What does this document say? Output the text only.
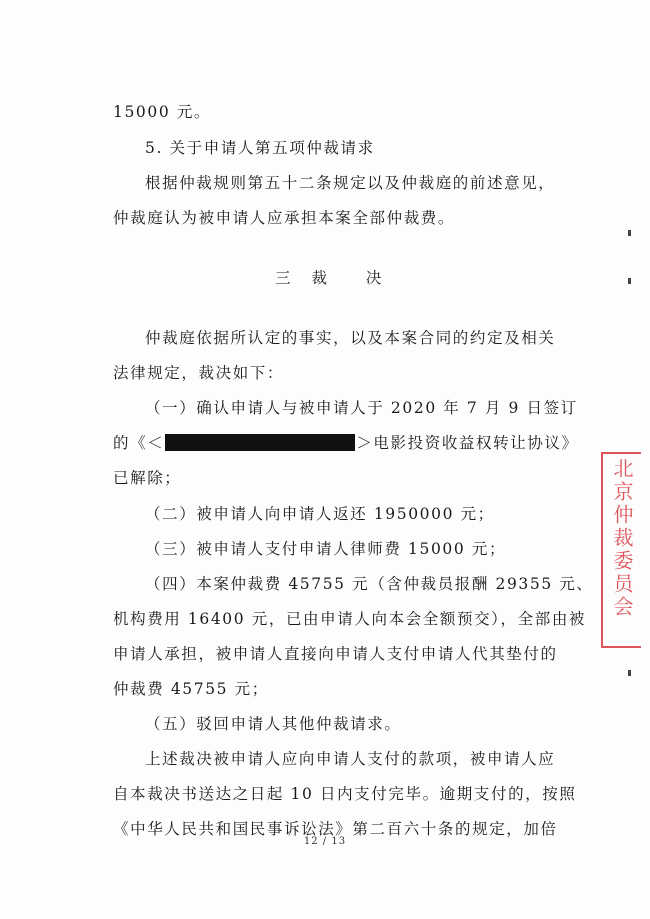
15000 元。
5. 关于申请人第五项仲裁请求
根据仲裁规则第五十二条规定以及仲裁庭的前述意见，
仲裁庭认为被申请人应承担本案全部仲裁费。
三 裁 决
仲裁庭依据所认定的事实，以及本案合同的约定及相关
法律规定，裁决如下：
（一）确认申请人与被申请人于 2020 年 7 月 9 日签订
的《＜	＞电影投资收益权转让协议》
已解除；
（二）被申请人向申请人返还 1950000 元；
（三）被申请人支付申请人律师费 15000 元；
（四）本案仲裁费 45755 元（含仲裁员报酬 29355 元、
机构费用 16400 元，已由申请人向本会全额预交），全部由被
申请人承担，被申请人直接向申请人支付申请人代其垫付的
仲裁费 45755 元；
（五）驳回申请人其他仲裁请求。
上述裁决被申请人应向申请人支付的款项，被申请人应
自本裁决书送达之日起 10 日内支付完毕。逾期支付的，按照
《中华人民共和国民事诉讼法》第二百六十条的规定，加倍
12 / 13
北京仲裁委员会
